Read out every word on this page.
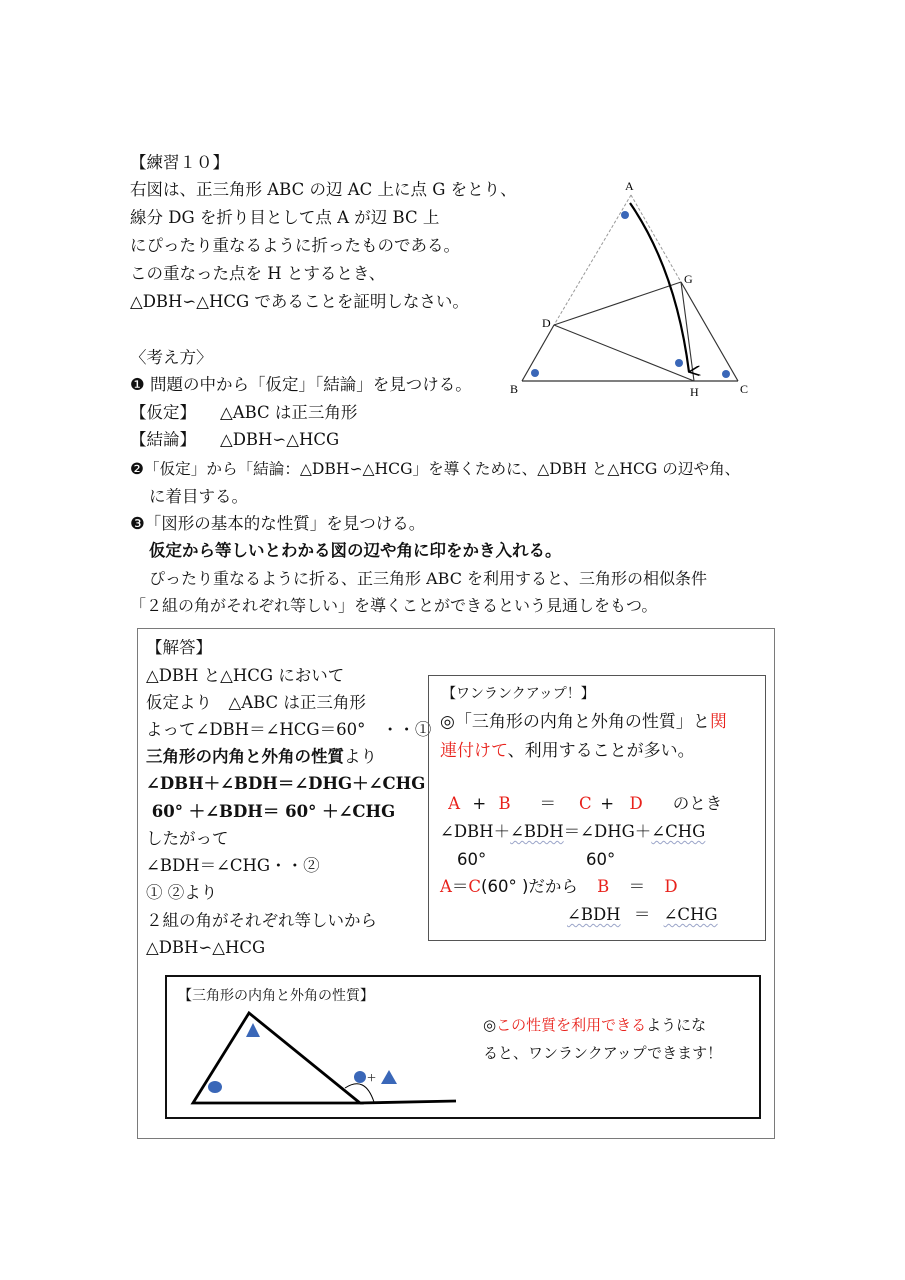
【練習１０】
右図は、正三角形 ABC の辺 AC 上に点 G をとり、
線分 DG を折り目として点 A が辺 BC 上
にぴったり重なるように折ったものである。
この重なった点を H とするとき、
△DBH∽△HCG であることを証明しなさい。
A
B	C
D
G
H
〈考え方〉
❶ 問題の中から「仮定」「結論」を見つける。
【仮定】 △ABC は正三角形
【結論】 △DBH∽△HCG
❷「仮定」から「結論：△DBH∽△HCG」を導くために、△DBH と△HCG の辺や角、
に着目する。
❸「図形の基本的な性質」を見つける。
仮定から等しいとわかる図の辺や角に印をかき入れる。
ぴったり重なるように折る、正三角形 ABC を利用すると、三角形の相似条件
「２組の角がそれぞれ等しい」を導くことができるという見通しをもつ。
【解答】
△DBH と△HCG において
仮定より　△ABC は正三角形
よって∠DBH＝∠HCG＝60°　・・①
三角形の内角と外角の性質より
∠DBH＋∠BDH＝∠DHG＋∠CHG
60° ＋∠BDH＝ 60° ＋∠CHG
したがって
∠BDH＝∠CHG・・②
① ②より
２組の角がそれぞれ等しいから
△DBH∽△HCG
【ワンランクアップ！】
◎「三角形の内角と外角の性質」と関
連付けて、利用することが多い。
A + B ＝ C + D のとき
∠DBH＋∠BDH＝∠DHG＋∠CHG
60°	60°
A＝C(60° )だから B ＝ D
∠BDH ＝ ∠CHG
【三角形の内角と外角の性質】
+
◎この性質を利用できるようにな
ると、ワンランクアップできます！
